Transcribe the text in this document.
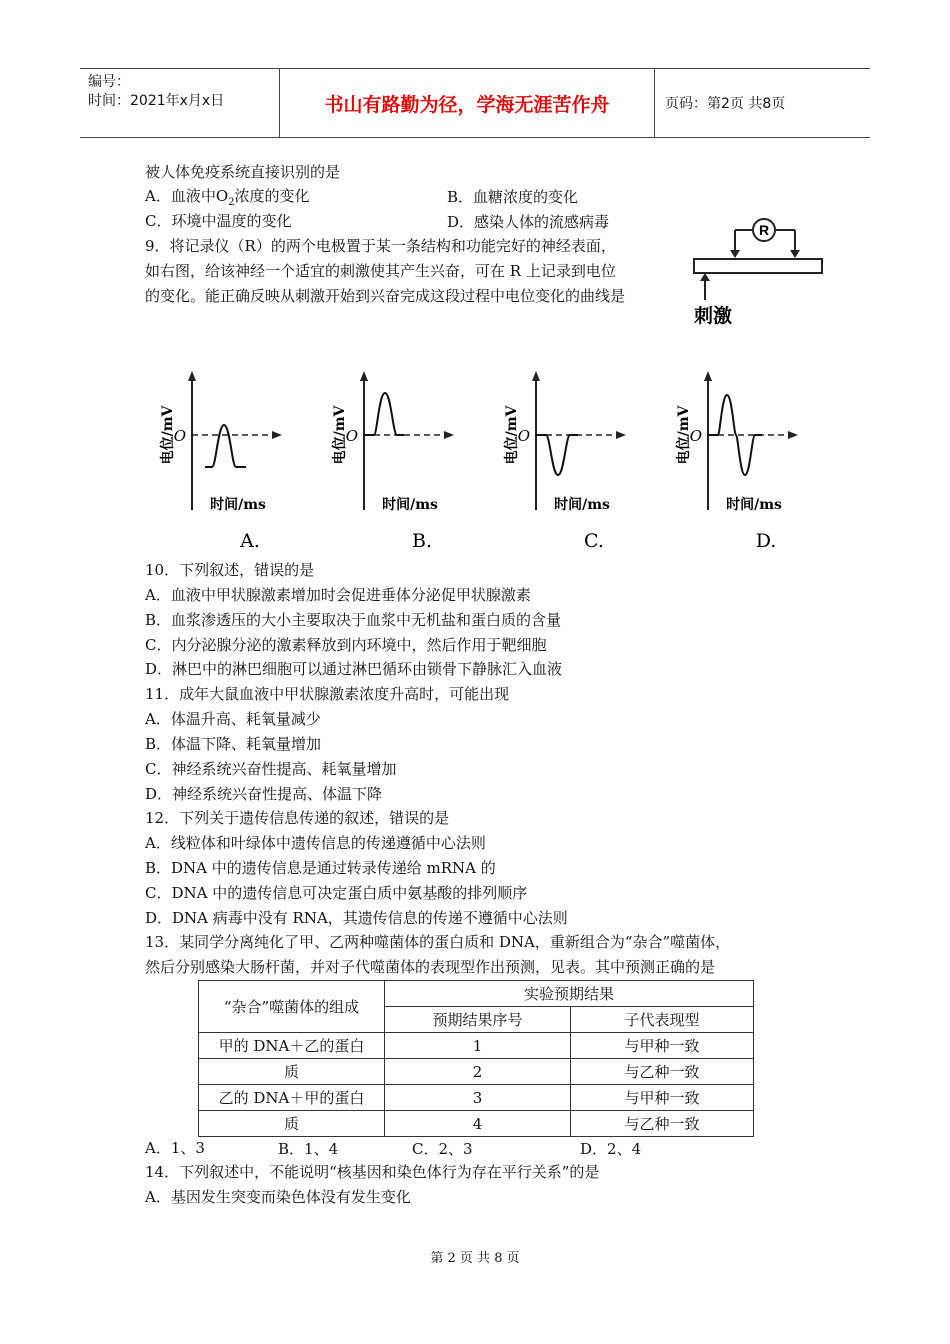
编号：
时间：2021年x月x日	书山有路勤为径，学海无涯苦作舟	页码：第2页 共8页
被人体免疫系统直接识别的是
A．血液中$O_2$浓度的变化	B．血糖浓度的变化
C．环境中温度的变化	D．感染人体的流感病毒
9．将记录仪（R）的两个电极置于某一条结构和功能完好的神经表面，
如右图，给该神经一个适宜的刺激使其产生兴奋，可在 R 上记录到电位
的变化。能正确反映从刺激开始到兴奋完成这段过程中电位变化的曲线是
R
刺激
O
电位/mV
时间/ms
A.
O
电位/mV
时间/ms
B.
O
电位/mV
时间/ms
C.
O
电位/mV
时间/ms
D.
10．下列叙述，错误的是
A．血液中甲状腺激素增加时会促进垂体分泌促甲状腺激素
B．血浆渗透压的大小主要取决于血浆中无机盐和蛋白质的含量
C．内分泌腺分泌的激素释放到内环境中，然后作用于靶细胞
D．淋巴中的淋巴细胞可以通过淋巴循环由锁骨下静脉汇入血液
11．成年大鼠血液中甲状腺激素浓度升高时，可能出现
A．体温升高、耗氧量减少
B．体温下降、耗氧量增加
C．神经系统兴奋性提高、耗氧量增加
D．神经系统兴奋性提高、体温下降
12．下列关于遗传信息传递的叙述，错误的是
A．线粒体和叶绿体中遗传信息的传递遵循中心法则
B．DNA 中的遗传信息是通过转录传递给 mRNA 的
C．DNA 中的遗传信息可决定蛋白质中氨基酸的排列顺序
D．DNA 病毒中没有 RNA，其遗传信息的传递不遵循中心法则
13．某同学分离纯化了甲、乙两种噬菌体的蛋白质和 DNA，重新组合为“杂合”噬菌体，
然后分别感染大肠杆菌，并对子代噬菌体的表现型作出预测，见表。其中预测正确的是
“杂合”噬菌体的组成	实验预期结果	
	预期结果序号	子代表现型
甲的 DNA＋乙的蛋白	1	与甲种一致
质	2	与乙种一致
乙的 DNA＋甲的蛋白	3	与甲种一致
质	4	与乙种一致
A．1、3	B．1、4	C．2、3	D．2、4
14．下列叙述中，不能说明“核基因和染色体行为存在平行关系”的是
A．基因发生突变而染色体没有发生变化
第 2 页 共 8 页
